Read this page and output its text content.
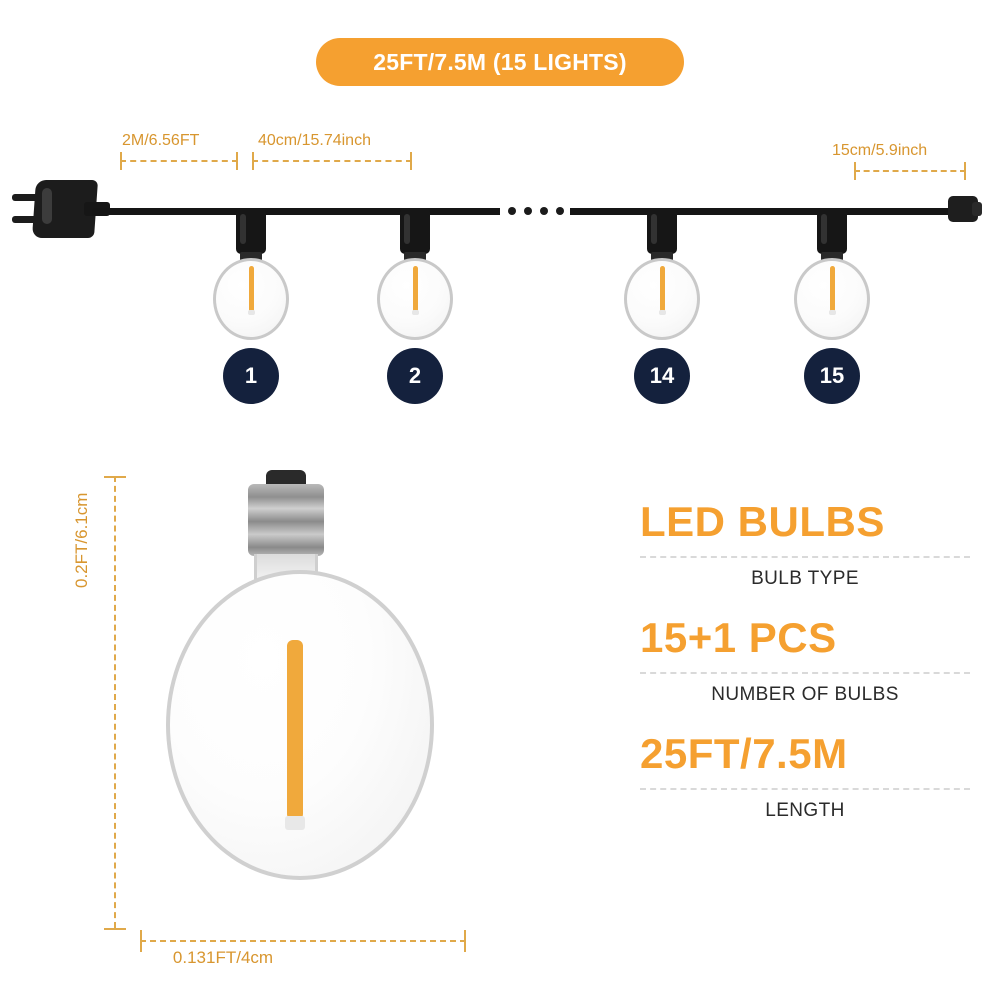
25FT/7.5M (15 LIGHTS)
2M/6.56FT	40cm/15.74inch
15cm/5.9inch
1	2	14	15
0.2FT/6.1cm
0.131FT/4cm
LED BULBS
BULB TYPE
15+1 PCS
NUMBER OF BULBS
25FT/7.5M
LENGTH
